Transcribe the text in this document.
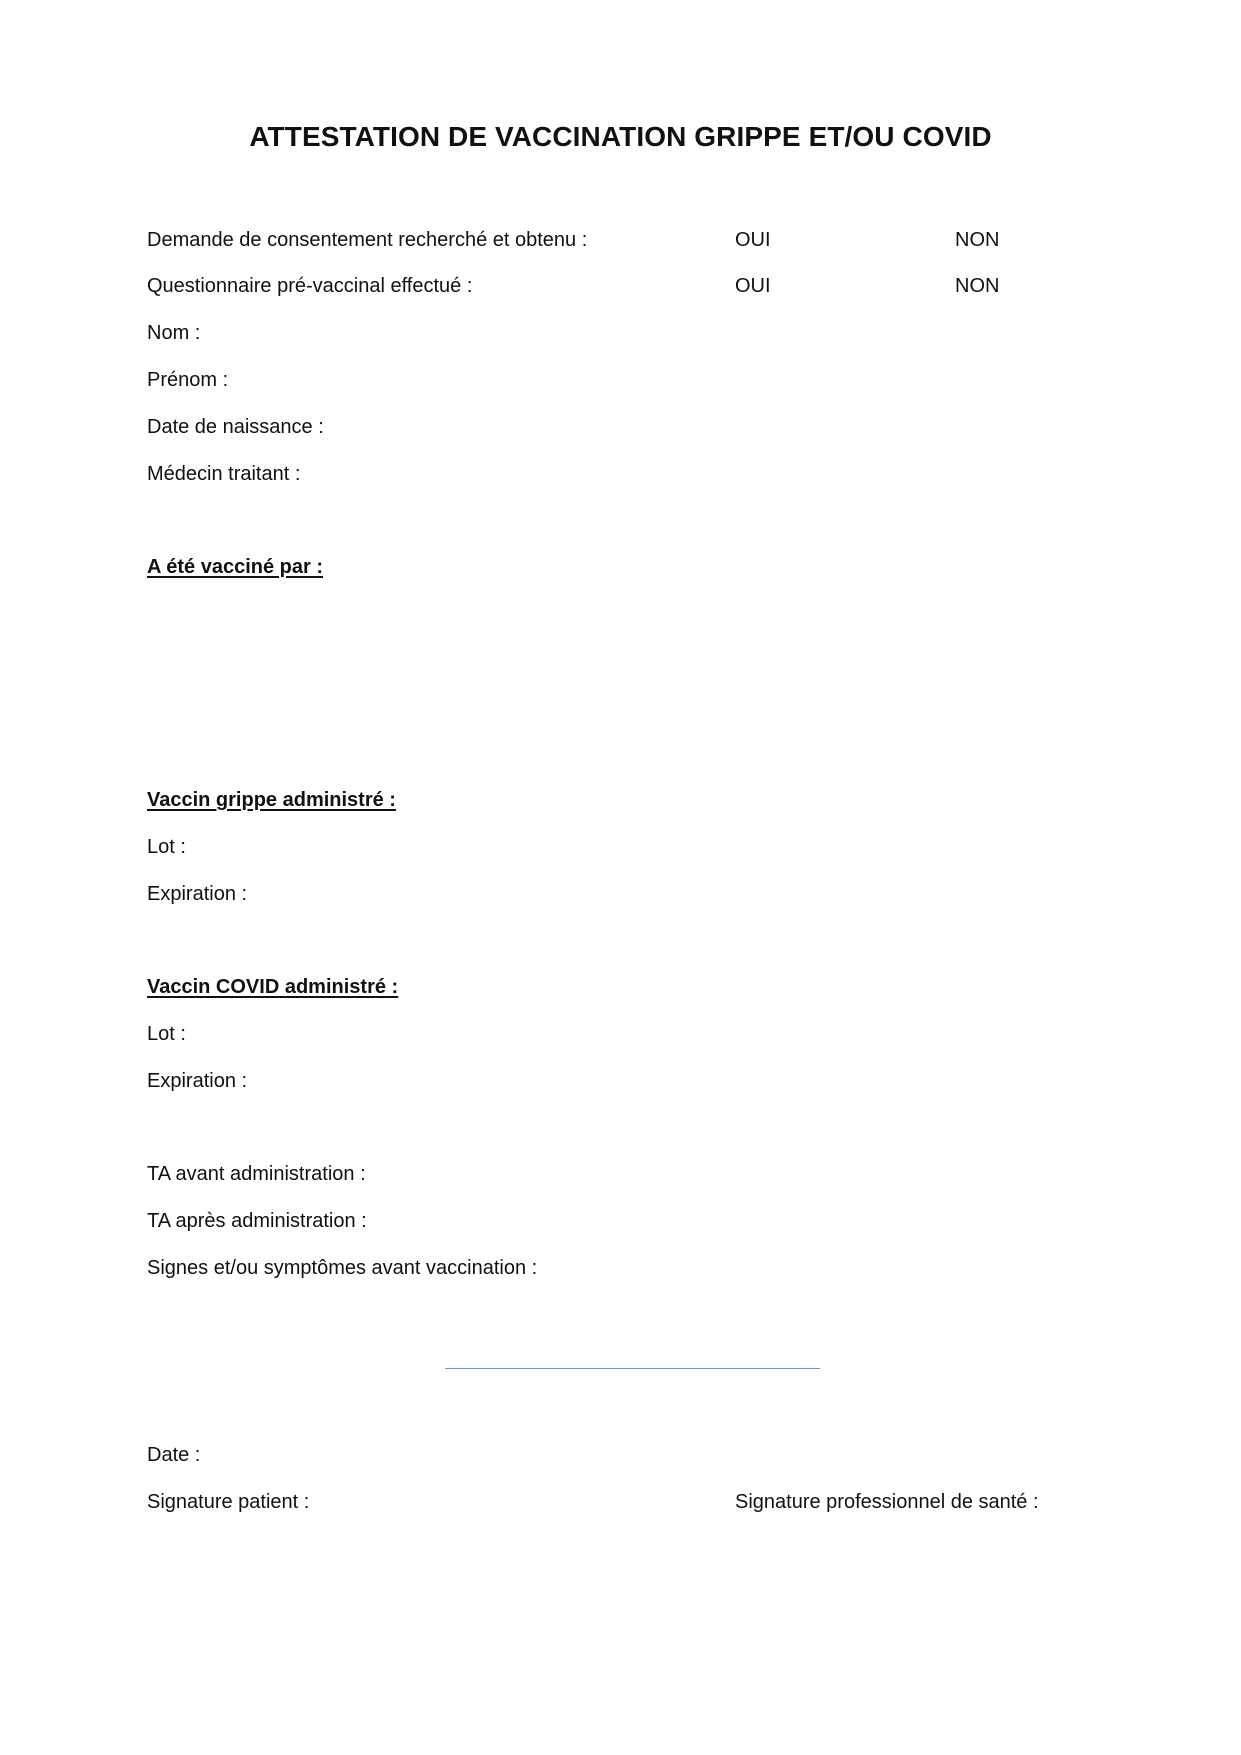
ATTESTATION DE VACCINATION GRIPPE ET/OU COVID
Demande de consentement recherché et obtenu :	OUI	NON
Questionnaire pré-vaccinal effectué :	OUI	NON
Nom :
Prénom :
Date de naissance :
Médecin traitant :
A été vacciné par :
Vaccin grippe administré :
Lot :
Expiration :
Vaccin COVID administré :
Lot :
Expiration :
TA avant administration :
TA après administration :
Signes et/ou symptômes avant vaccination :
Date :
Signature patient :	Signature professionnel de santé :
